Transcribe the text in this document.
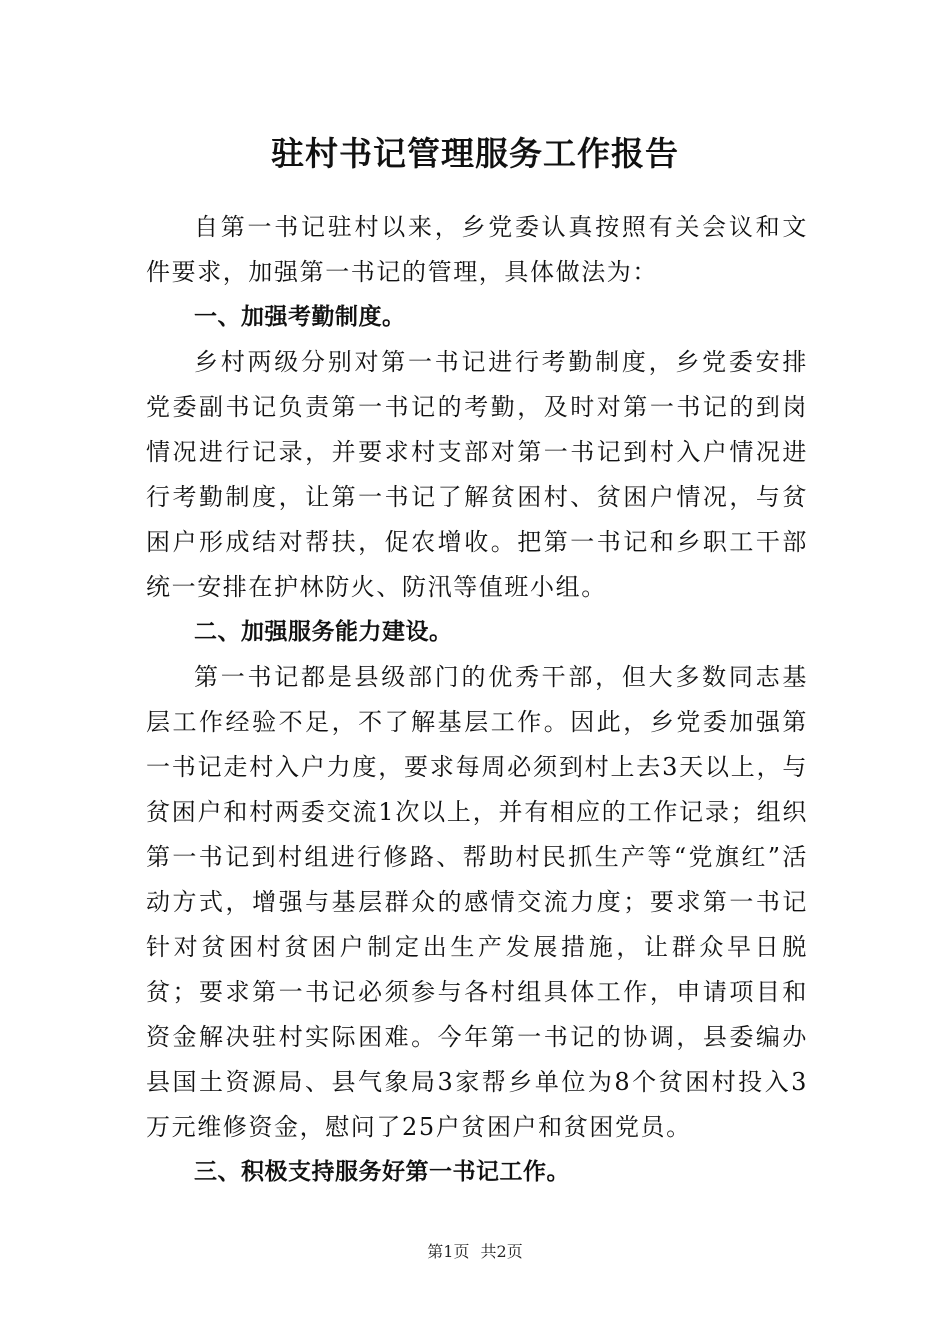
驻村书记管理服务工作报告

自第一书记驻村以来，乡党委认真按照有关会议和文件要求，加强第一书记的管理，具体做法为：

一、加强考勤制度。

乡村两级分别对第一书记进行考勤制度，乡党委安排党委副书记负责第一书记的考勤，及时对第一书记的到岗情况进行记录，并要求村支部对第一书记到村入户情况进行考勤制度，让第一书记了解贫困村、贫困户情况，与贫困户形成结对帮扶，促农增收。把第一书记和乡职工干部统一安排在护林防火、防汛等值班小组。

二、加强服务能力建设。

第一书记都是县级部门的优秀干部，但大多数同志基层工作经验不足，不了解基层工作。因此，乡党委加强第一书记走村入户力度，要求每周必须到村上去3天以上，与贫困户和村两委交流1次以上，并有相应的工作记录；组织第一书记到村组进行修路、帮助村民抓生产等“党旗红”活动方式，增强与基层群众的感情交流力度；要求第一书记针对贫困村贫困户制定出生产发展措施，让群众早日脱贫；要求第一书记必须参与各村组具体工作，申请项目和资金解决驻村实际困难。今年第一书记的协调，县委编办县国土资源局、县气象局3家帮乡单位为8个贫困村投入3万元维修资金，慰问了25户贫困户和贫困党员。

三、积极支持服务好第一书记工作。

第1页 共2页
